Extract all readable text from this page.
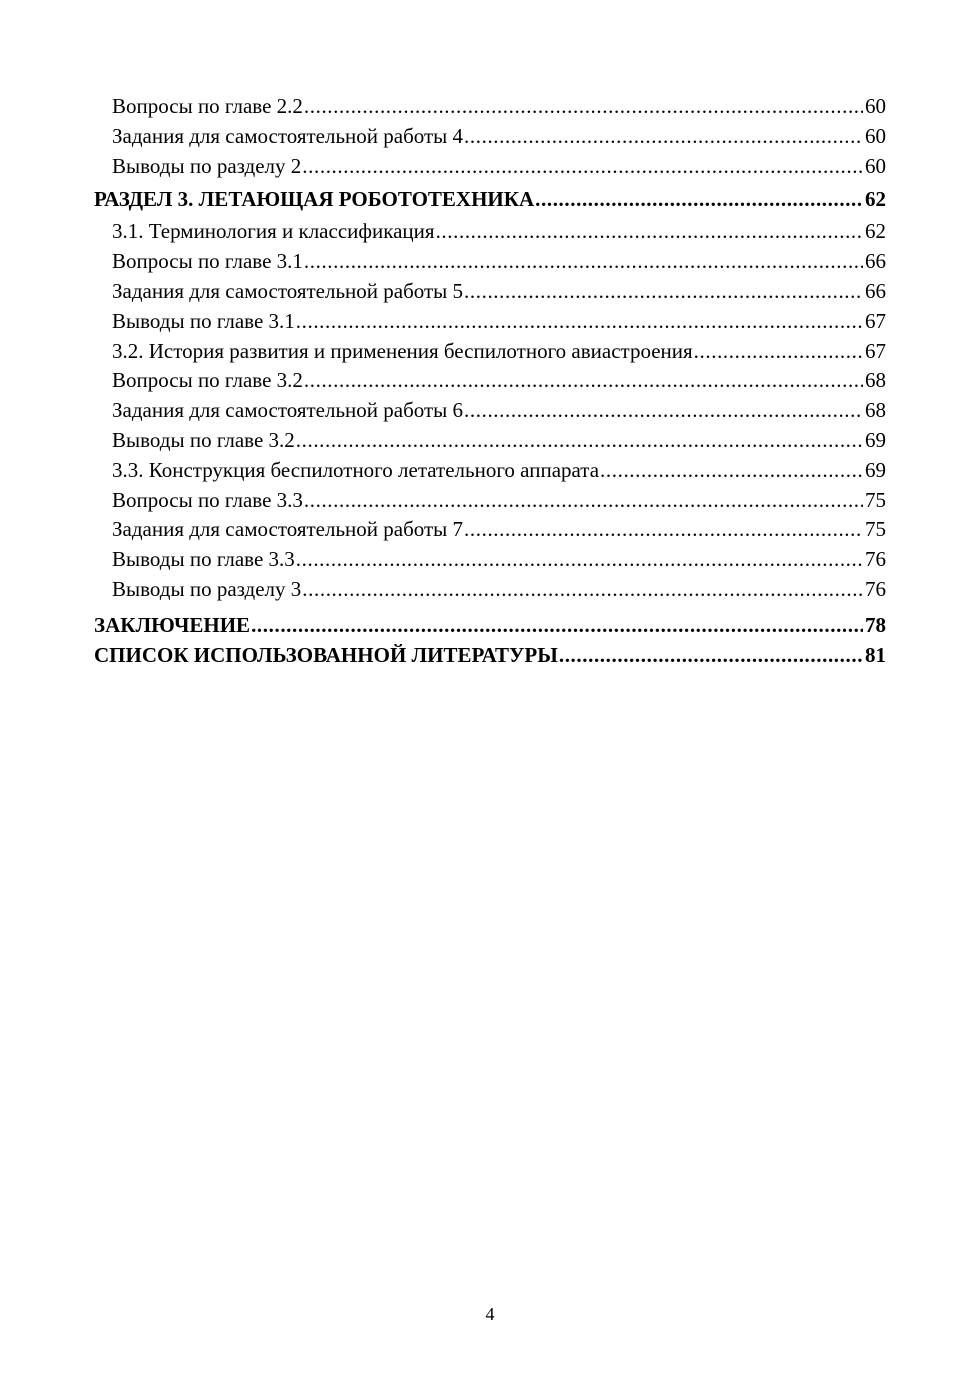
Вопросы по главе 2.2 .....	60
Задания для самостоятельной работы 4 .....	60
Выводы по разделу 2 .....	60
РАЗДЕЛ 3. ЛЕТАЮЩАЯ РОБОТОТЕХНИКА .....	62
3.1. Терминология и классификация .....	62
Вопросы по главе 3.1 .....	66
Задания для самостоятельной работы 5 .....	66
Выводы по главе 3.1 .....	67
3.2. История развития и применения беспилотного авиастроения .....	67
Вопросы по главе 3.2 .....	68
Задания для самостоятельной работы 6 .....	68
Выводы по главе 3.2 .....	69
3.3. Конструкция беспилотного летательного аппарата .....	69
Вопросы по главе 3.3 .....	75
Задания для самостоятельной работы 7 .....	75
Выводы по главе 3.3 .....	76
Выводы по разделу 3 .....	76
ЗАКЛЮЧЕНИЕ .....	78
СПИСОК ИСПОЛЬЗОВАННОЙ ЛИТЕРАТУРЫ .....	81
4
